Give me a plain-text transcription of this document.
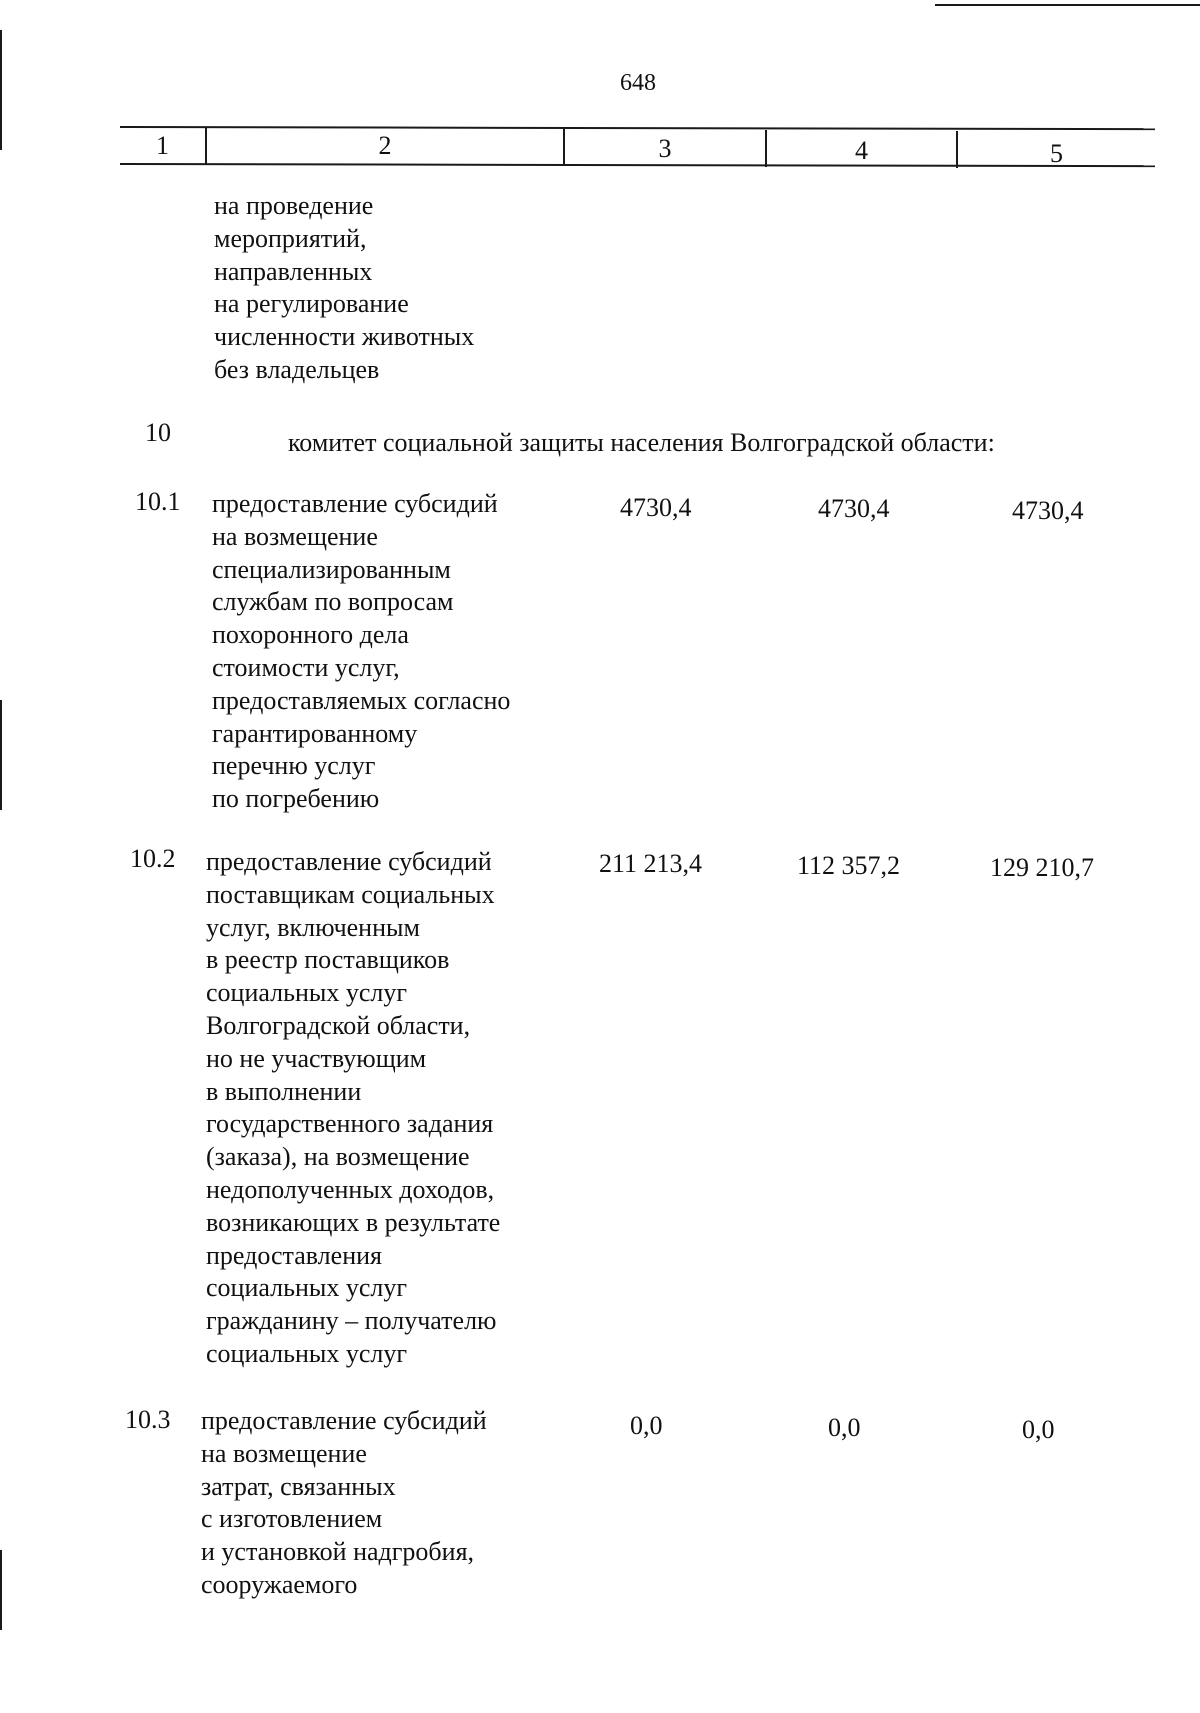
648
1	2	3	4	5
на проведение
мероприятий,
направленных
на регулирование
численности животных
без владельцев
10	комитет социальной защиты населения Волгоградской области:
10.1 предоставление субсидий
на возмещение
специализированным
службам по вопросам
похоронного дела
стоимости услуг,
предоставляемых согласно
гарантированному
перечню услуг
по погребению
4730,4	4730,4	4730,4
10.2 предоставление субсидий
поставщикам социальных
услуг, включенным
в реестр поставщиков
социальных услуг
Волгоградской области,
но не участвующим
в выполнении
государственного задания
(заказа), на возмещение
недополученных доходов,
возникающих в результате
предоставления
социальных услуг
гражданину – получателю
социальных услуг
211 213,4	112 357,2	129 210,7
10.3 предоставление субсидий
на возмещение
затрат, связанных
с изготовлением
и установкой надгробия,
сооружаемого
0,0	0,0	0,0
